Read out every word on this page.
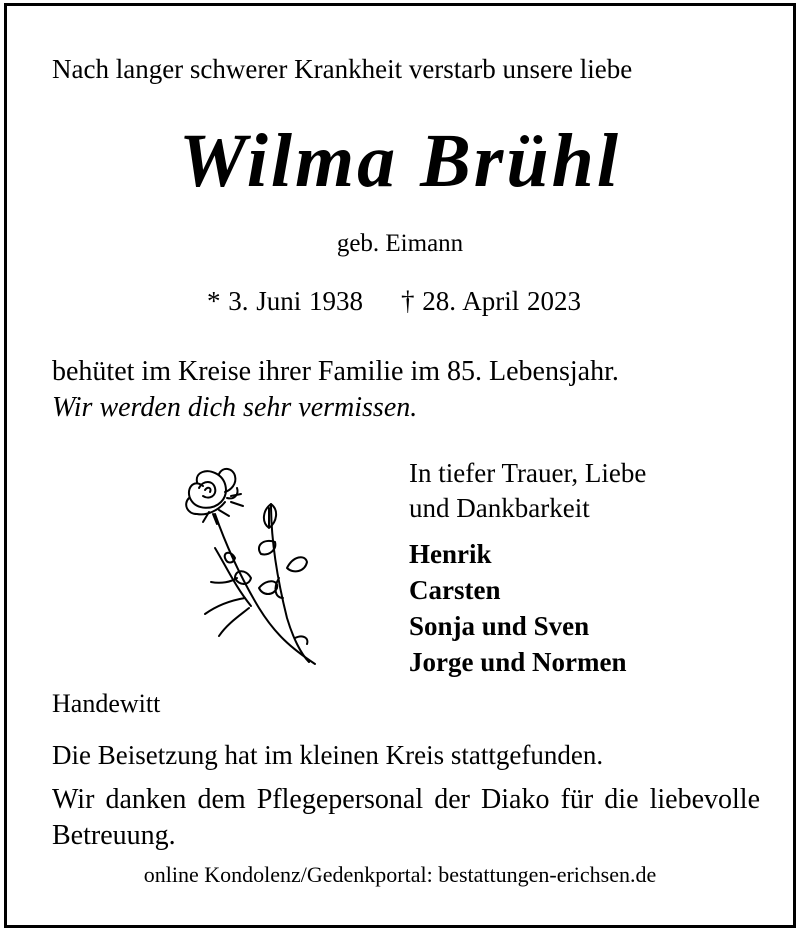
Nach langer schwerer Krankheit verstarb unsere liebe
Wilma Brühl
geb. Eimann
* 3. Juni 1938 † 28. April 2023
behütet im Kreise ihrer Familie im 85. Lebensjahr.
Wir werden dich sehr vermissen.
In tiefer Trauer, Liebe
und Dankbarkeit
Henrik
Carsten
Sonja und Sven
Jorge und Normen
Handewitt
Die Beisetzung hat im kleinen Kreis stattgefunden.
Wir danken dem Pflegepersonal der Diako für die liebevolle Betreuung.
online Kondolenz/Gedenkportal: bestattungen-erichsen.de
